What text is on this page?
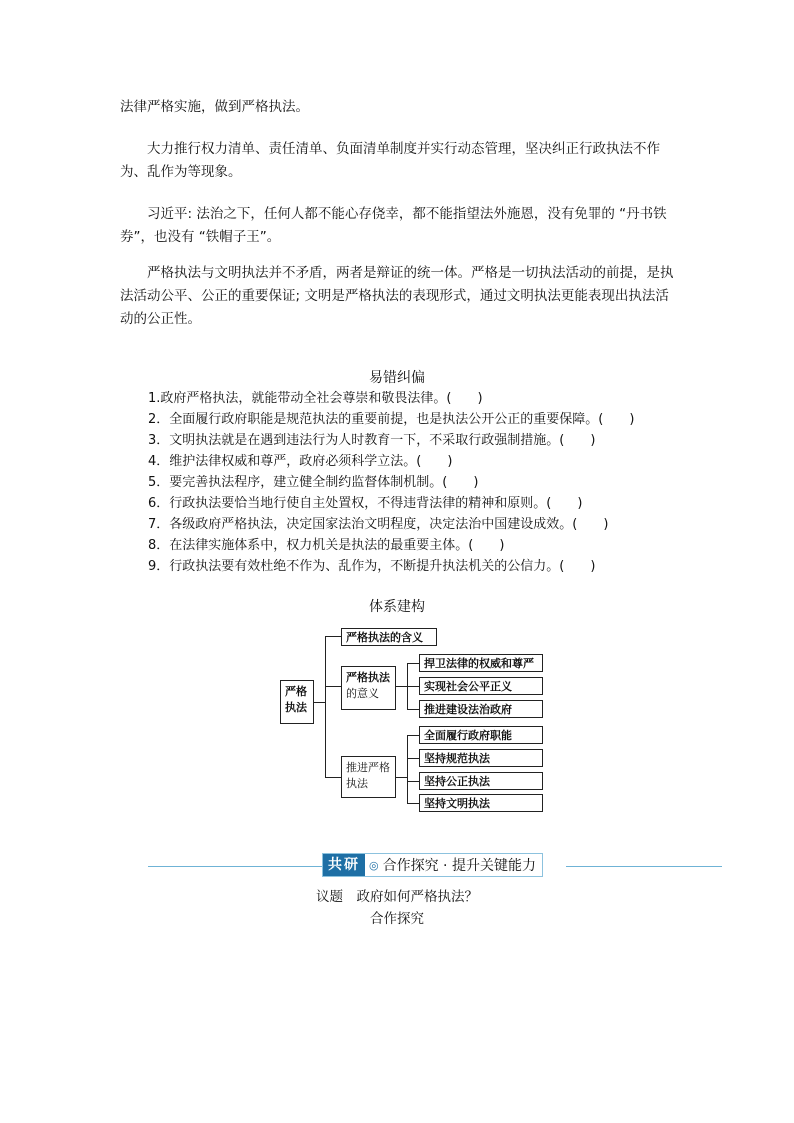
法律严格实施，做到严格执法。

大力推行权力清单、责任清单、负面清单制度并实行动态管理，坚决纠正行政执法不作为、乱作为等现象。

习近平: 法治之下，任何人都不能心存侥幸，都不能指望法外施恩，没有免罪的 “丹书铁券”，也没有 “铁帽子王”。

严格执法与文明执法并不矛盾，两者是辩证的统一体。严格是一切执法活动的前提，是执法活动公平、公正的重要保证; 文明是严格执法的表现形式，通过文明执法更能表现出执法活动的公正性。

易错纠偏
1.政府严格执法，就能带动全社会尊崇和敬畏法律。(　　)
2．全面履行政府职能是规范执法的重要前提，也是执法公开公正的重要保障。(　　)
3．文明执法就是在遇到违法行为人时教育一下，不采取行政强制措施。(　　)
4．维护法律权威和尊严，政府必须科学立法。(　　)
5．要完善执法程序，建立健全制约监督体制机制。(　　)
6．行政执法要恰当地行使自主处置权，不得违背法律的精神和原则。(　　)
7．各级政府严格执法，决定国家法治文明程度，决定法治中国建设成效。(　　)
8．在法律实施体系中，权力机关是执法的最重要主体。(　　)
9．行政执法要有效杜绝不作为、乱作为，不断提升执法机关的公信力。(　　)
体系建构
严格
执法
严格执法的含义
严格执法
的意义
捍卫法律的权威和尊严
实现社会公平正义
推进建设法治政府
推进严格
执法
全面履行政府职能
坚持规范执法
坚持公正执法
坚持文明执法
共研 ◎ 合作探究 · 提升关键能力
议题　政府如何严格执法？
合作探究
